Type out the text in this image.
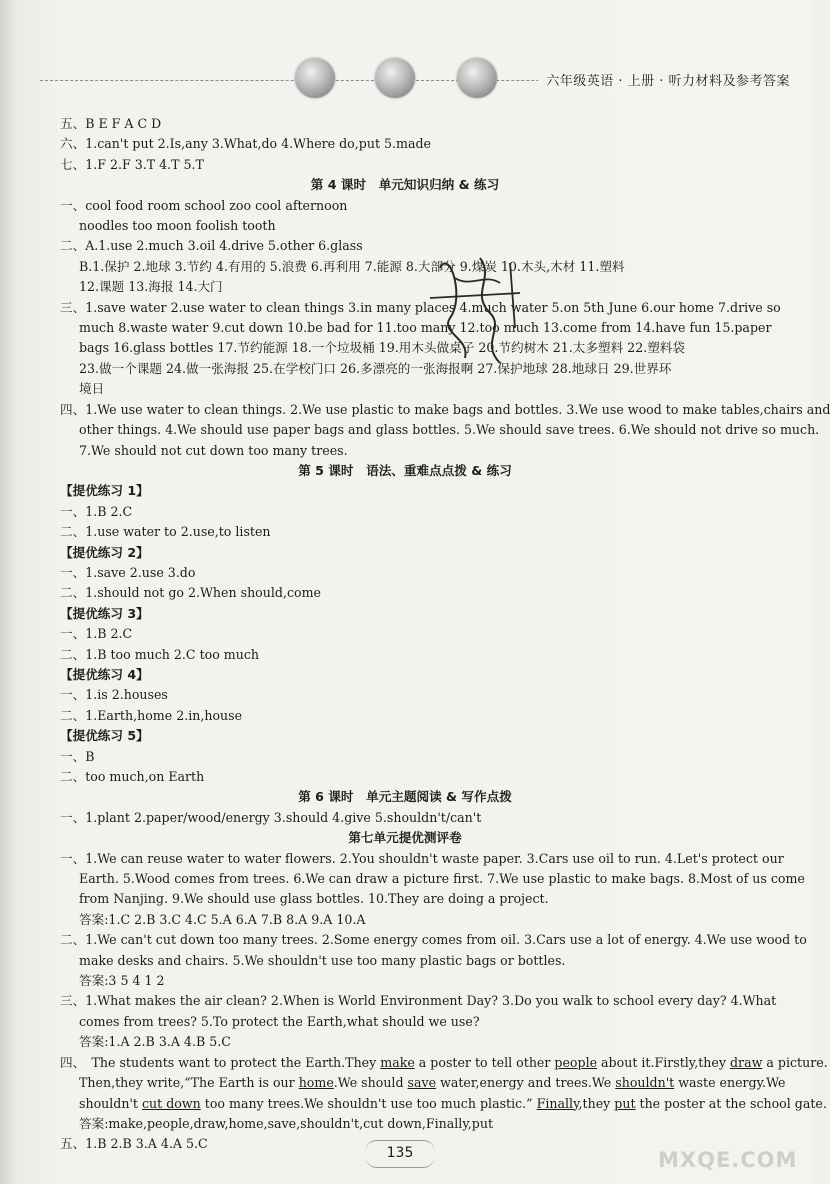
六年级英语 · 上册 · 听力材料及参考答案
五、B E F A C D
六、1.can't put 2.Is,any 3.What,do 4.Where do,put 5.made
七、1.F 2.F 3.T 4.T 5.T
第 4 课时　单元知识归纳 & 练习
一、cool food room school zoo cool afternoon
noodles too moon foolish tooth
二、A.1.use 2.much 3.oil 4.drive 5.other 6.glass
B.1.保护 2.地球 3.节约 4.有用的 5.浪费 6.再利用 7.能源 8.大部分 9.煤炭 10.木头,木材 11.塑料
12.课题 13.海报 14.大门
三、1.save water 2.use water to clean things 3.in many places 4.much water 5.on 5th June 6.our home 7.drive so
much 8.waste water 9.cut down 10.be bad for 11.too many 12.too much 13.come from 14.have fun 15.paper
bags 16.glass bottles 17.节约能源 18.一个垃圾桶 19.用木头做桌子 20.节约树木 21.太多塑料 22.塑料袋
23.做一个课题 24.做一张海报 25.在学校门口 26.多漂亮的一张海报啊 27.保护地球 28.地球日 29.世界环
境日
四、1.We use water to clean things. 2.We use plastic to make bags and bottles. 3.We use wood to make tables,chairs and
other things. 4.We should use paper bags and glass bottles. 5.We should save trees. 6.We should not drive so much.
7.We should not cut down too many trees.
第 5 课时　语法、重难点点拨 & 练习
【提优练习 1】
一、1.B 2.C
二、1.use water to 2.use,to listen
【提优练习 2】
一、1.save 2.use 3.do
二、1.should not go 2.When should,come
【提优练习 3】
一、1.B 2.C
二、1.B too much 2.C too much
【提优练习 4】
一、1.is 2.houses
二、1.Earth,home 2.in,house
【提优练习 5】
一、B
二、too much,on Earth
第 6 课时　单元主题阅读 & 写作点拨
一、1.plant 2.paper/wood/energy 3.should 4.give 5.shouldn't/can't
第七单元提优测评卷
一、1.We can reuse water to water flowers. 2.You shouldn't waste paper. 3.Cars use oil to run. 4.Let's protect our
Earth. 5.Wood comes from trees. 6.We can draw a picture first. 7.We use plastic to make bags. 8.Most of us come
from Nanjing. 9.We should use glass bottles. 10.They are doing a project.
答案:1.C 2.B 3.C 4.C 5.A 6.A 7.B 8.A 9.A 10.A
二、1.We can't cut down too many trees. 2.Some energy comes from oil. 3.Cars use a lot of energy. 4.We use wood to
make desks and chairs. 5.We shouldn't use too many plastic bags or bottles.
答案:3 5 4 1 2
三、1.What makes the air clean? 2.When is World Environment Day? 3.Do you walk to school every day? 4.What
comes from trees? 5.To protect the Earth,what should we use?
答案:1.A 2.B 3.A 4.B 5.C
四、　The students want to protect the Earth.They make a poster to tell other people about it.Firstly,they draw a picture.
Then,they write,“The Earth is our home.We should save water,energy and trees.We shouldn't waste energy.We
shouldn't cut down too many trees.We shouldn't use too much plastic.” Finally,they put the poster at the school gate.
答案:make,people,draw,home,save,shouldn't,cut down,Finally,put
五、1.B 2.B 3.A 4.A 5.C
135	MXQE.COM
